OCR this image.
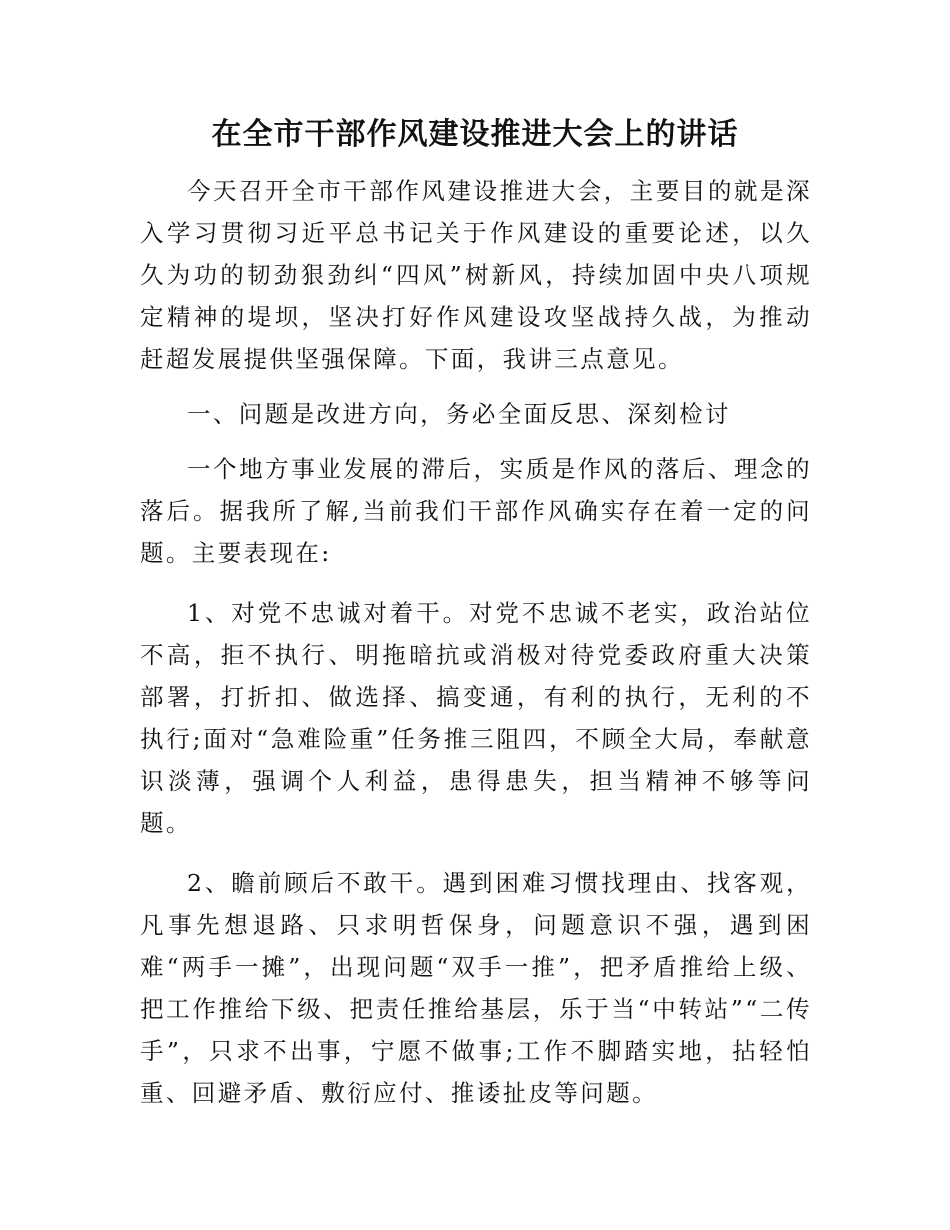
在全市干部作风建设推进大会上的讲话

今天召开全市干部作风建设推进大会，主要目的就是深入学习贯彻习近平总书记关于作风建设的重要论述，以久久为功的韧劲狠劲纠“四风”树新风，持续加固中央八项规定精神的堤坝，坚决打好作风建设攻坚战持久战，为推动赶超发展提供坚强保障。下面，我讲三点意见。

一、问题是改进方向，务必全面反思、深刻检讨

一个地方事业发展的滞后，实质是作风的落后、理念的落后。据我所了解,当前我们干部作风确实存在着一定的问题。主要表现在:

1、对党不忠诚对着干。对党不忠诚不老实，政治站位不高，拒不执行、明拖暗抗或消极对待党委政府重大决策部署，打折扣、做选择、搞变通，有利的执行，无利的不执行;面对“急难险重”任务推三阻四，不顾全大局，奉献意识淡薄，强调个人利益，患得患失，担当精神不够等问题。

2、瞻前顾后不敢干。遇到困难习惯找理由、找客观，凡事先想退路、只求明哲保身，问题意识不强，遇到困难“两手一摊”，出现问题“双手一推”，把矛盾推给上级、把工作推给下级、把责任推给基层，乐于当“中转站”“二传手”，只求不出事，宁愿不做事;工作不脚踏实地，拈轻怕重、回避矛盾、敷衍应付、推诿扯皮等问题。
